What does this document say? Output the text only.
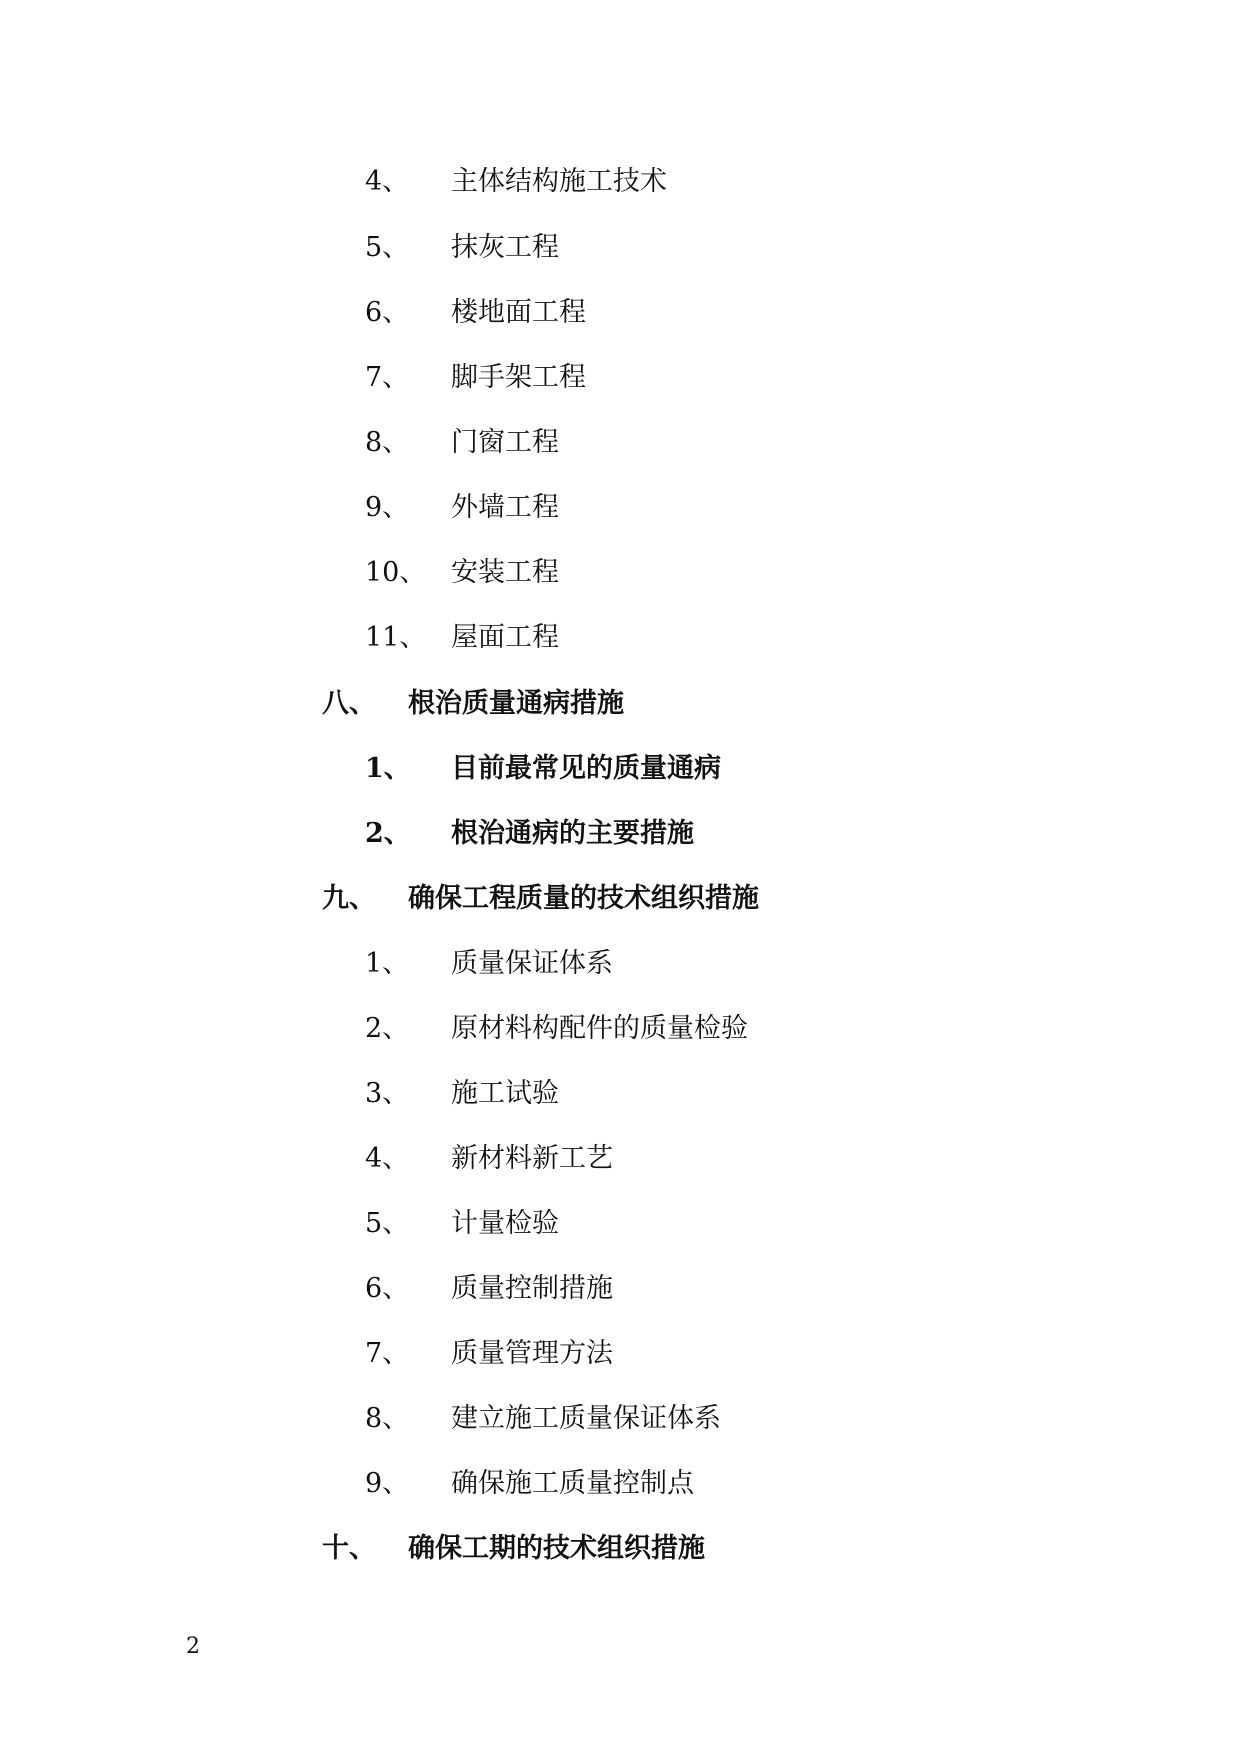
4、 主体结构施工技术
5、 抹灰工程
6、 楼地面工程
7、 脚手架工程
8、 门窗工程
9、 外墙工程
10、 安装工程
11、 屋面工程
八、 根治质量通病措施
1、 目前最常见的质量通病
2、 根治通病的主要措施
九、 确保工程质量的技术组织措施
1、 质量保证体系
2、 原材料构配件的质量检验
3、 施工试验
4、 新材料新工艺
5、 计量检验
6、 质量控制措施
7、 质量管理方法
8、 建立施工质量保证体系
9、 确保施工质量控制点
十、 确保工期的技术组织措施
2
